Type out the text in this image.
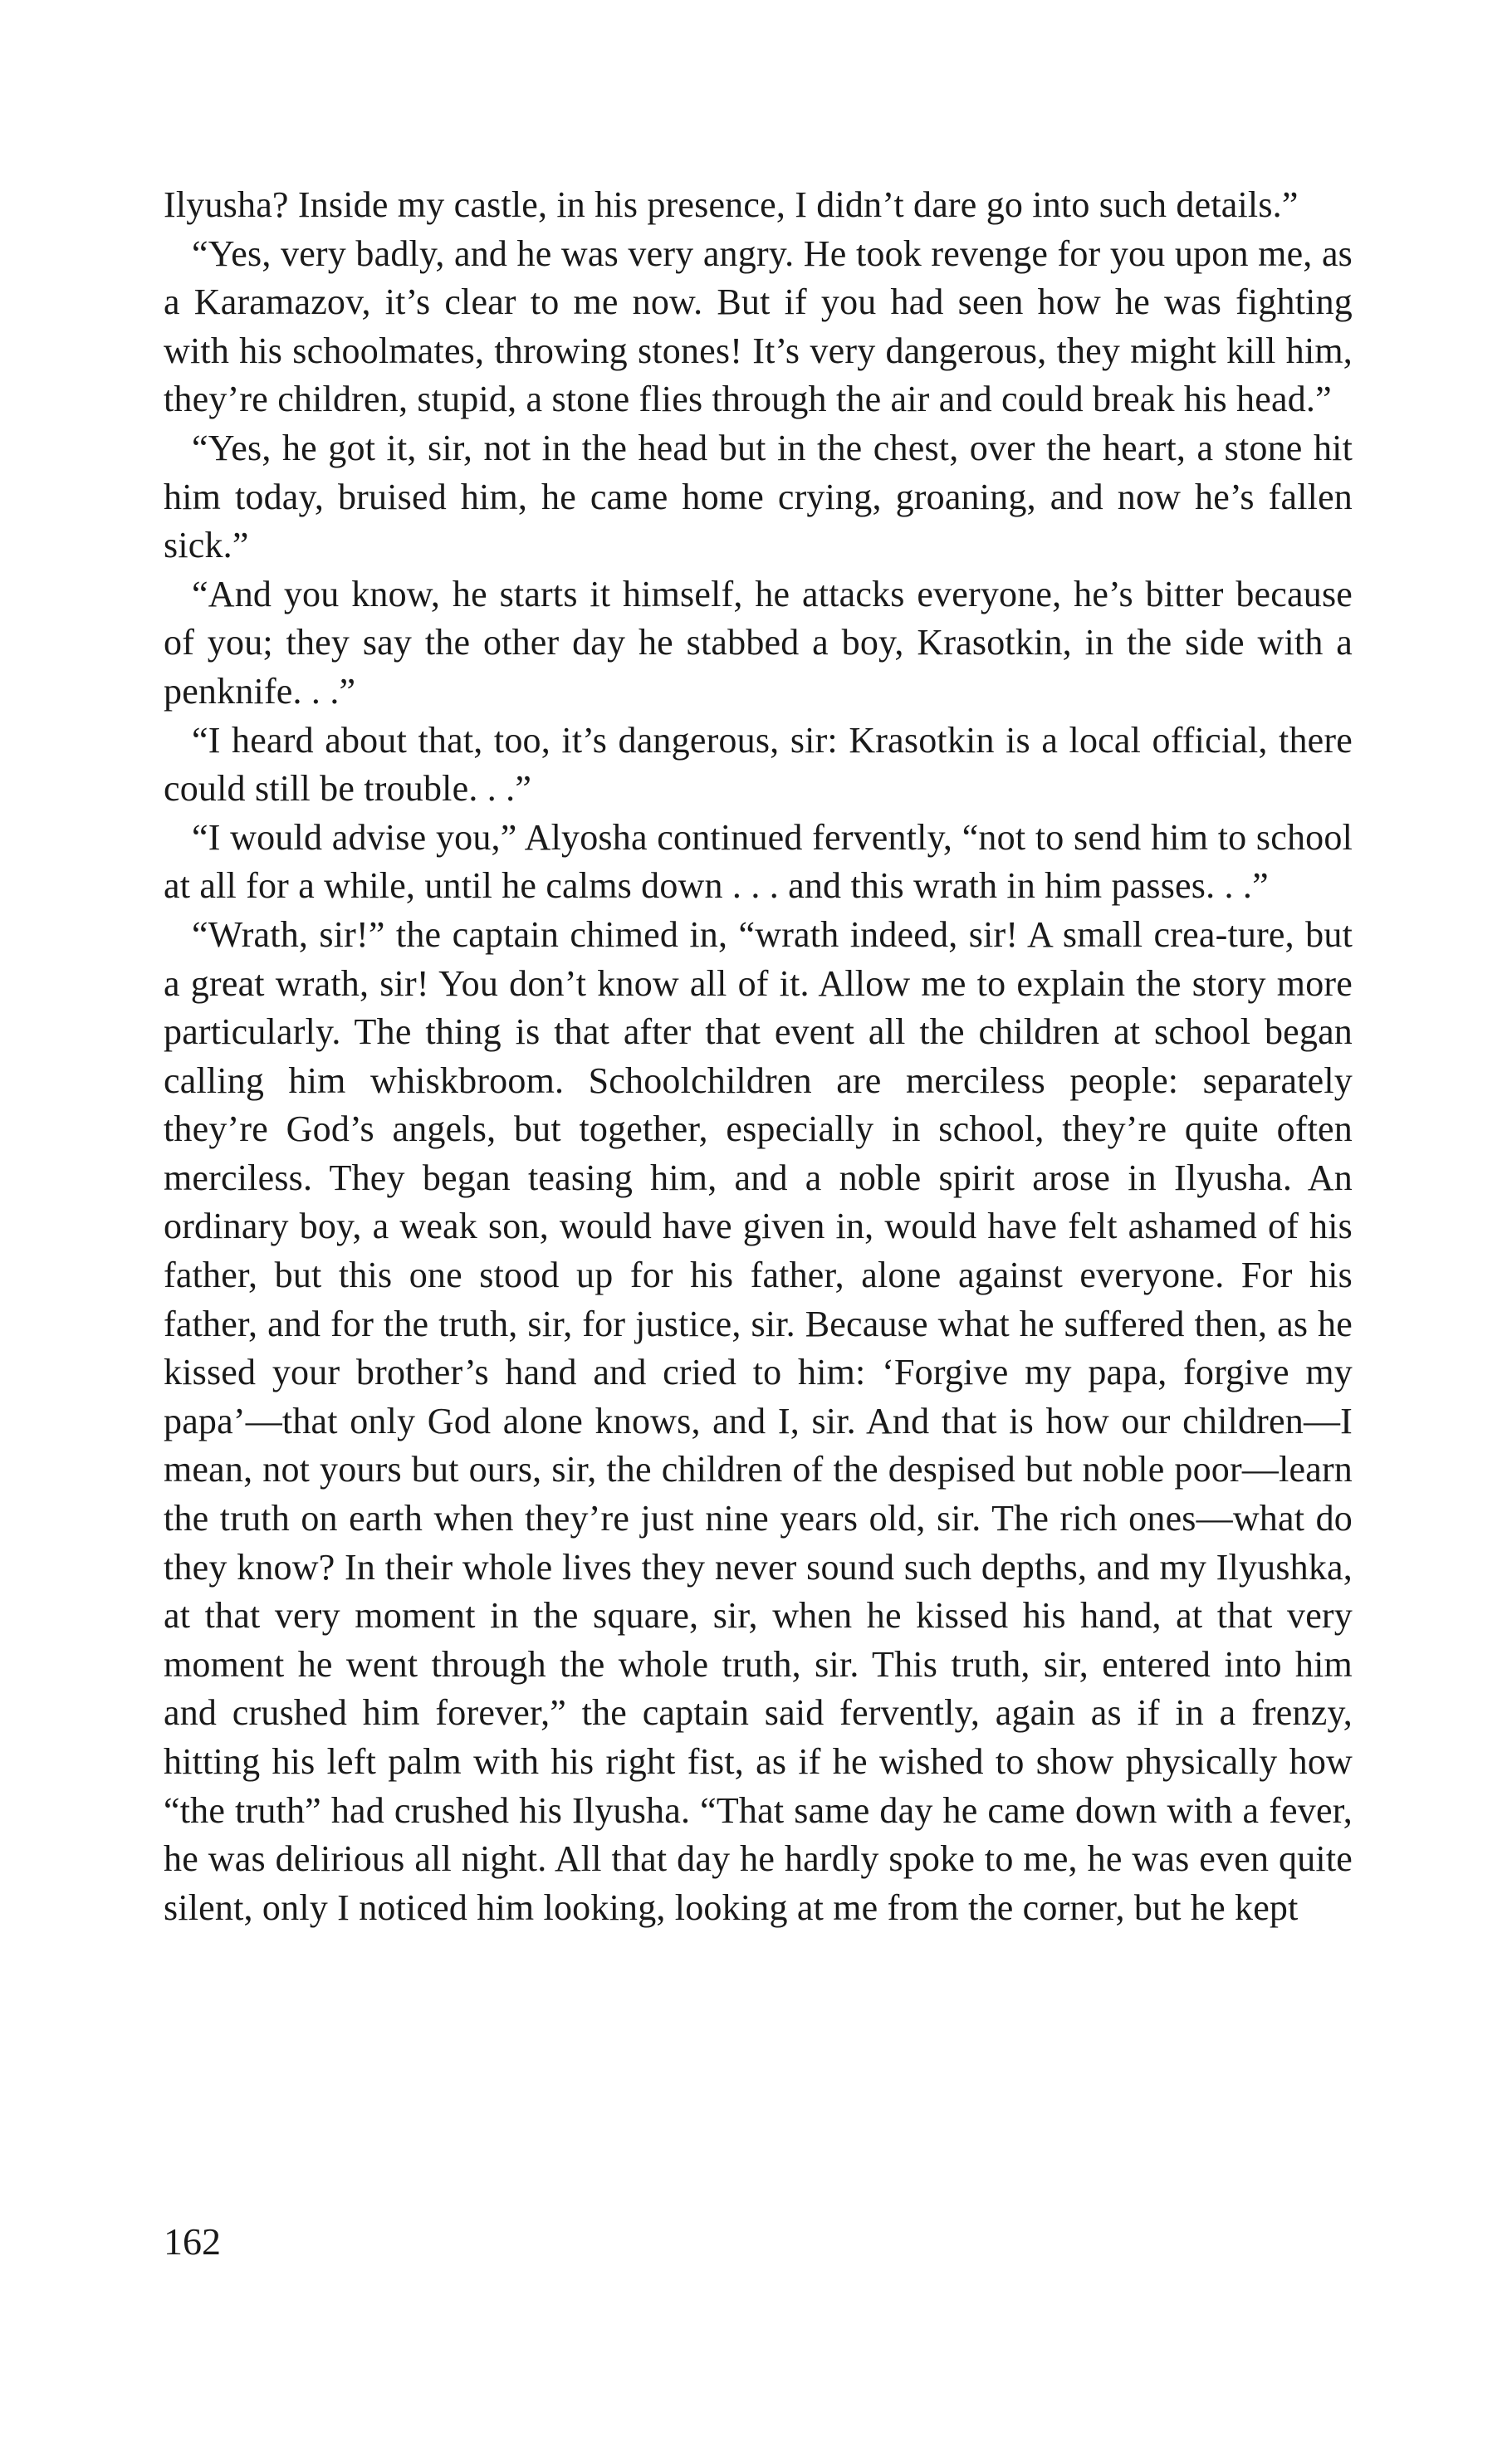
Ilyusha? Inside my castle, in his presence, I didn’t dare go into such details.”

“Yes, very badly, and he was very angry. He took revenge for you upon me, as a Karamazov, it’s clear to me now. But if you had seen how he was fighting with his schoolmates, throwing stones! It’s very dangerous, they might kill him, they’re children, stupid, a stone flies through the air and could break his head.”

“Yes, he got it, sir, not in the head but in the chest, over the heart, a stone hit him today, bruised him, he came home crying, groaning, and now he’s fallen sick.”

“And you know, he starts it himself, he attacks everyone, he’s bitter because of you; they say the other day he stabbed a boy, Krasotkin, in the side with a penknife. . .”

“I heard about that, too, it’s dangerous, sir: Krasotkin is a local official, there could still be trouble. . .”

“I would advise you,” Alyosha continued fervently, “not to send him to school at all for a while, until he calms down . . . and this wrath in him passes. . .”

“Wrath, sir!” the captain chimed in, “wrath indeed, sir! A small crea-ture, but a great wrath, sir! You don’t know all of it. Allow me to explain the story more particularly. The thing is that after that event all the children at school began calling him whiskbroom. Schoolchildren are merciless people: separately they’re God’s angels, but together, especially in school, they’re quite often merciless. They began teasing him, and a noble spirit arose in Ilyusha. An ordinary boy, a weak son, would have given in, would have felt ashamed of his father, but this one stood up for his father, alone against everyone. For his father, and for the truth, sir, for justice, sir. Because what he suffered then, as he kissed your brother’s hand and cried to him: ‘Forgive my papa, forgive my papa’—that only God alone knows, and I, sir. And that is how our children—I mean, not yours but ours, sir, the children of the despised but noble poor—learn the truth on earth when they’re just nine years old, sir. The rich ones—what do they know? In their whole lives they never sound such depths, and my Ilyushka, at that very moment in the square, sir, when he kissed his hand, at that very moment he went through the whole truth, sir. This truth, sir, entered into him and crushed him forever,” the captain said fervently, again as if in a frenzy, hitting his left palm with his right fist, as if he wished to show physically how “the truth” had crushed his Ilyusha. “That same day he came down with a fever, he was delirious all night. All that day he hardly spoke to me, he was even quite silent, only I noticed him looking, looking at me from the corner, but he kept

162
